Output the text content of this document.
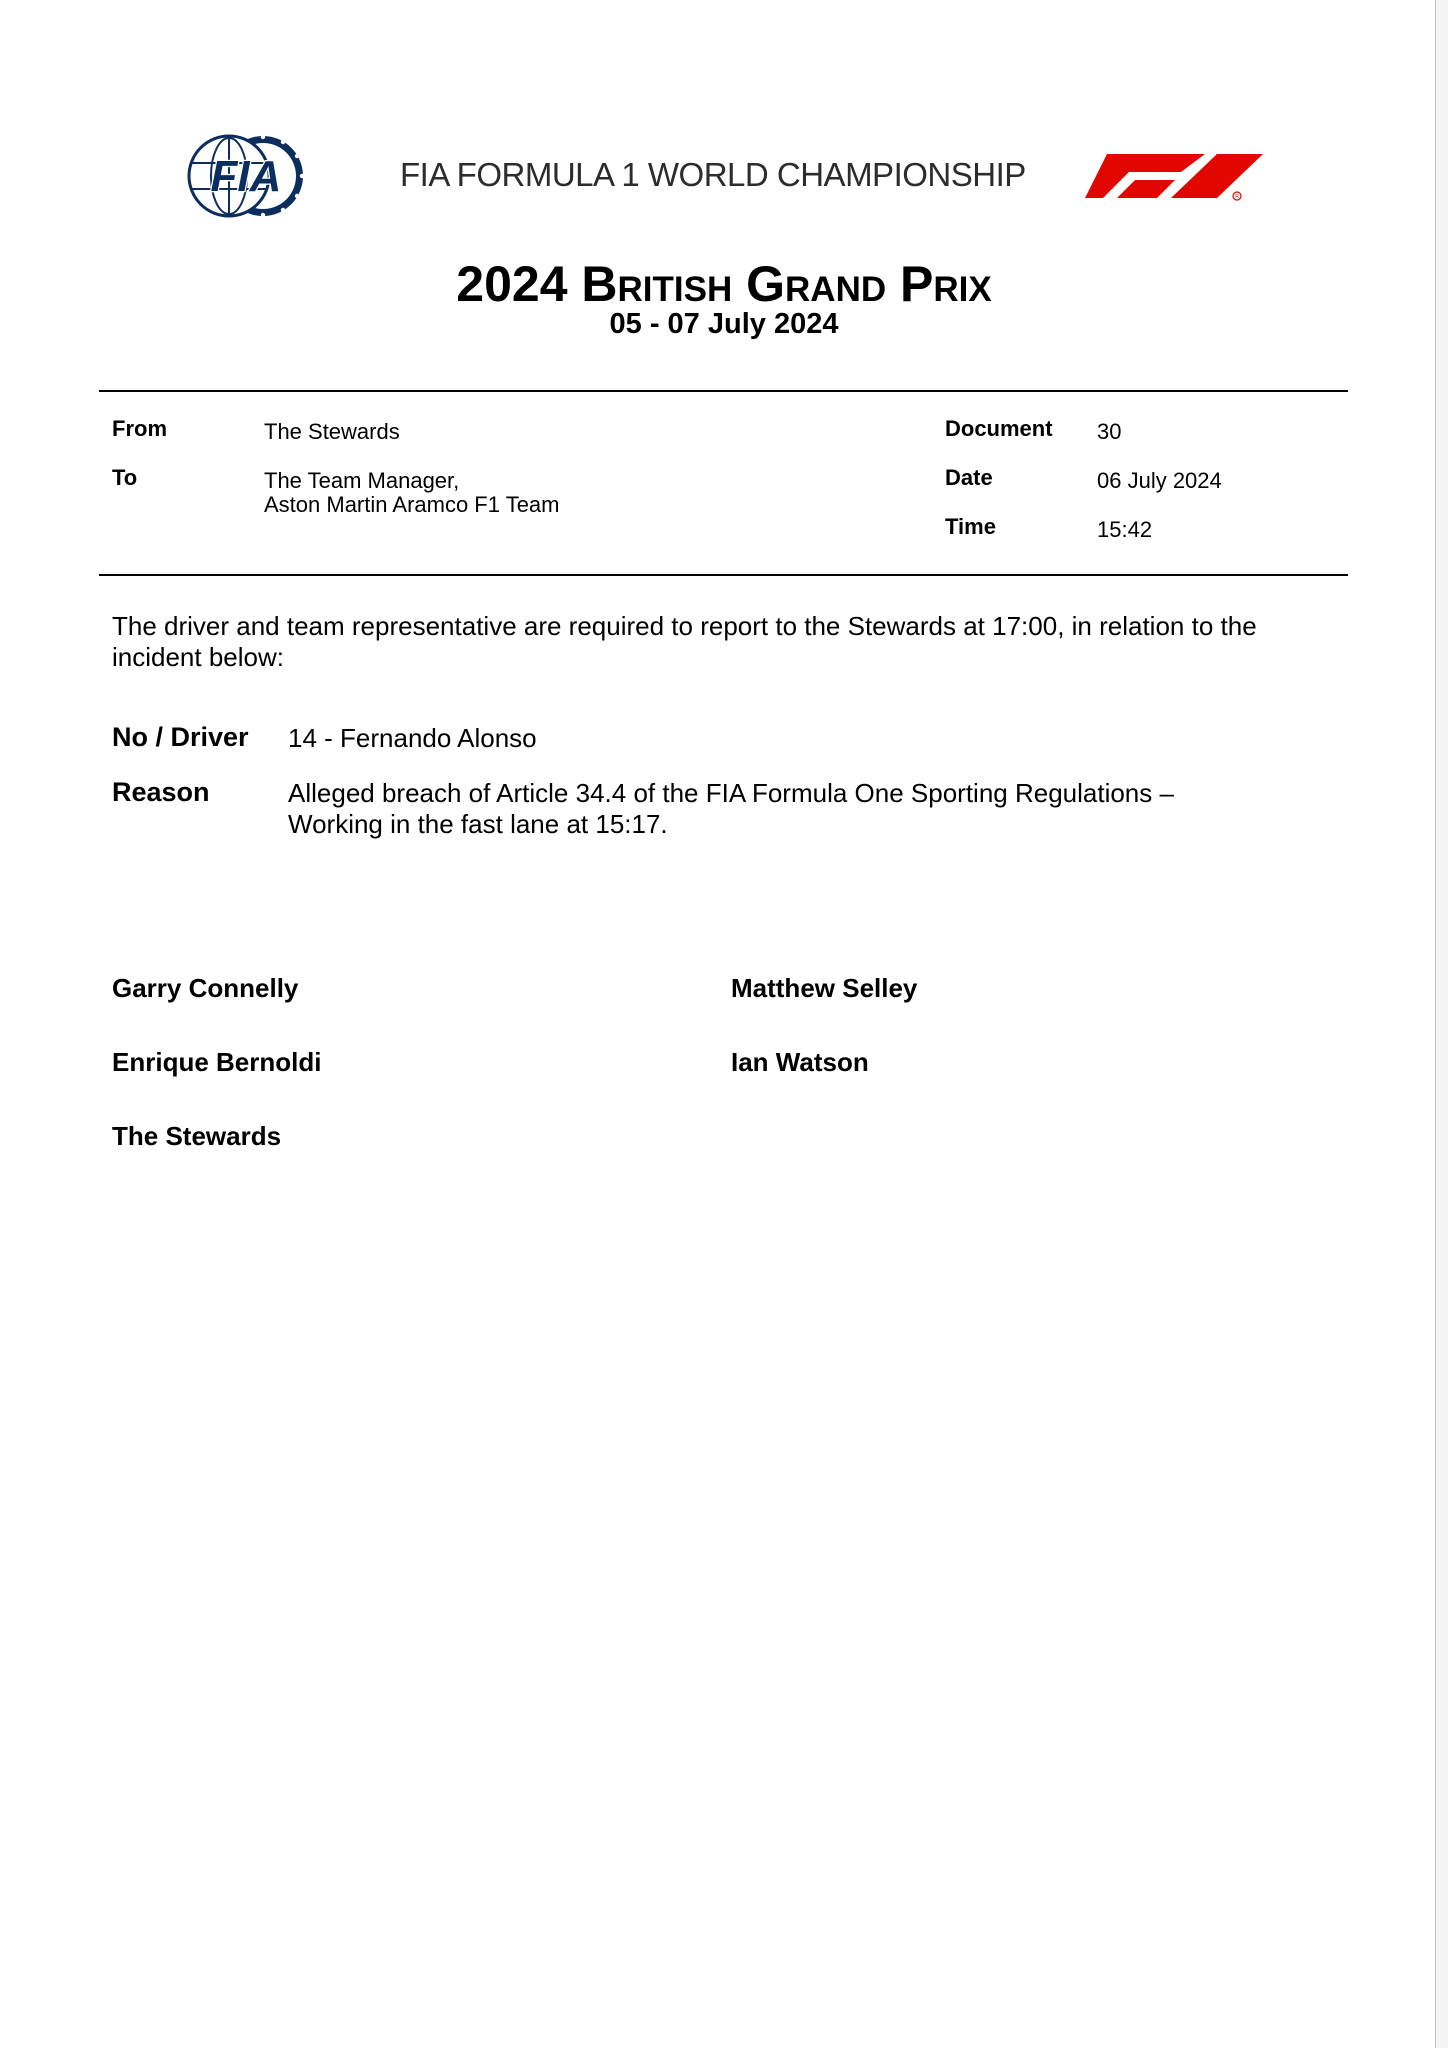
FIA	FIA FORMULA 1 WORLD CHAMPIONSHIP
R
2024 British Grand Prix
05 - 07 July 2024
From	The Stewards
To	The Team Manager,
Aston Martin Aramco F1 Team
Document 30
Date	06 July 2024
Time	15:42
The driver and team representative are required to report to the Stewards at 17:00, in relation to the incident below:
No / Driver 14 - Fernando Alonso
Reason	Alleged breach of Article 34.4 of the FIA Formula One Sporting Regulations –
Working in the fast lane at 15:17.
Garry Connelly	Matthew Selley
Enrique Bernoldi	Ian Watson
The Stewards
